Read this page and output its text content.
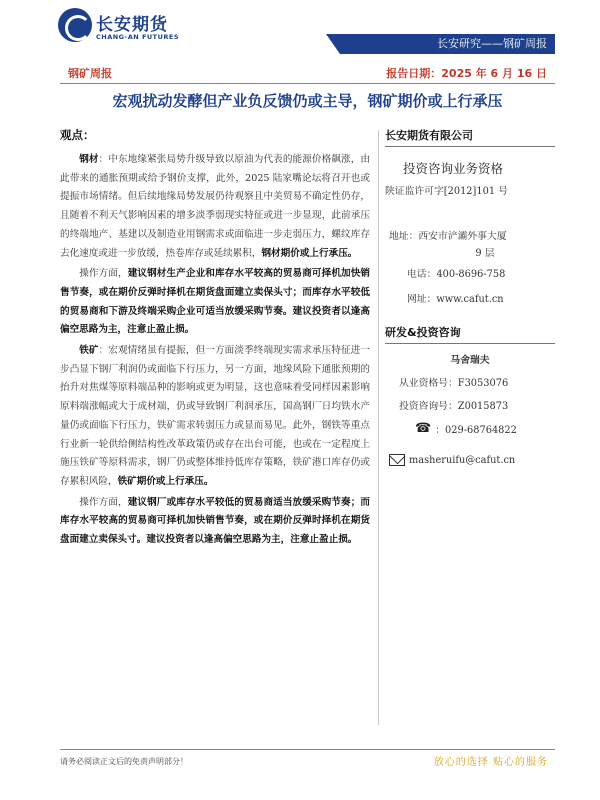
长安期货
CHANG-AN FUTURES	长安研究——钢矿周报
钢矿周报	报告日期：2025 年 6 月 16 日
宏观扰动发酵但产业负反馈仍或主导，钢矿期价或上行承压
观点：

钢材：中东地缘紧张局势升级导致以原油为代表的能源价格飙涨，由此带来的通胀预期或给予钢价支撑，此外，2025 陆家嘴论坛将召开也或提振市场情绪。但后续地缘局势发展仍待观察且中美贸易不确定性仍存，且随着不利天气影响因素的增多淡季弱现实特征或进一步显现，此前承压的终端地产、基建以及制造业用钢需求或面临进一步走弱压力，螺纹库存去化速度或进一步放缓，热卷库存或延续累积，钢材期价或上行承压。

操作方面，建议钢材生产企业和库存水平较高的贸易商可择机加快销售节奏，或在期价反弹时择机在期货盘面建立卖保头寸；而库存水平较低的贸易商和下游及终端采购企业可适当放缓采购节奏。建议投资者以逢高偏空思路为主，注意止盈止损。

铁矿：宏观情绪虽有提振，但一方面淡季终端现实需求承压特征进一步凸显下钢厂利润仍或面临下行压力，另一方面，地缘风险下通胀预期的抬升对焦煤等原料端品种的影响或更为明显，这也意味着受同样因素影响原料端涨幅或大于成材端，仍或导致钢厂利润承压，国高钢厂日均铁水产量仍或面临下行压力，铁矿需求转弱压力或显而易见。此外，钢铁等重点行业新一轮供给侧结构性改革政策仍或存在出台可能，也或在一定程度上施压铁矿等原料需求，钢厂仍或整体维持低库存策略，铁矿港口库存仍或存累积风险，铁矿期价或上行承压。

操作方面，建议钢厂或库存水平较低的贸易商适当放缓采购节奏；而库存水平较高的贸易商可择机加快销售节奏，或在期价反弹时择机在期货盘面建立卖保头寸。建议投资者以逢高偏空思路为主，注意止盈止损。

长安期货有限公司
投资咨询业务资格
陕证监许可字[2012]101 号
地址：西安市浐灞外事大厦
9 层
电话：400-8696-758
网址：www.cafut.cn
研发&投资咨询
马舍瑞夫
从业资格号：F3053076
投资咨询号：Z0015873
☎ ：029-68764822
masheruifu@cafut.cn
请务必阅读正文后的免责声明部分！	放心的选择 贴心的服务
